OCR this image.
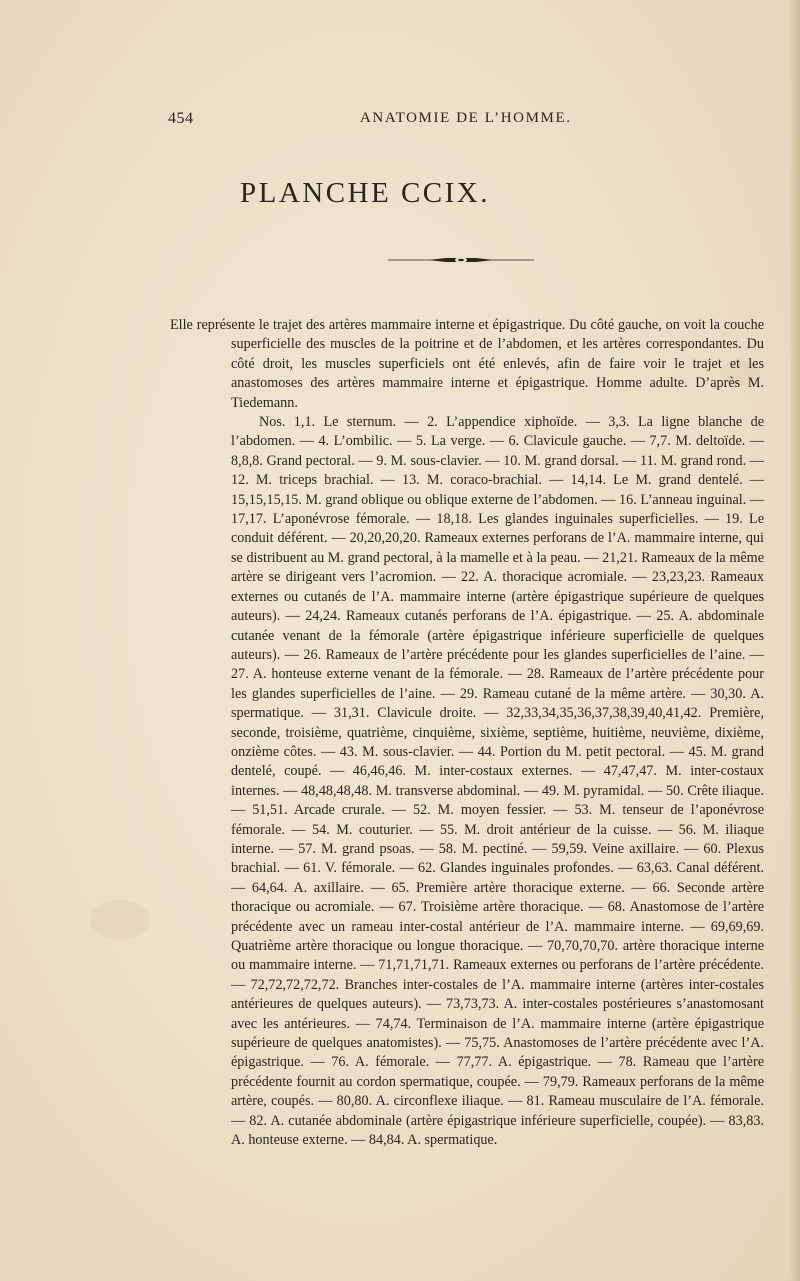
454	ANATOMIE DE L’HOMME.
PLANCHE CCIX.

Elle représente le trajet des artères mammaire interne et épigastrique. Du côté gauche, on voit la couche superficielle des muscles de la poitrine et de l’abdomen, et les artères correspondantes. Du côté droit, les muscles superficiels ont été enlevés, afin de faire voir le trajet et les anastomoses des artères mammaire interne et épigastrique. Homme adulte. D’après M. Tiedemann.

Nos. 1,1. Le sternum. — 2. L’appendice xiphoïde. — 3,3. La ligne blanche de l’abdomen. — 4. L’ombilic. — 5. La verge. — 6. Clavicule gauche. — 7,7. M. deltoïde. — 8,8,8. Grand pectoral. — 9. M. sous-clavier. — 10. M. grand dorsal. — 11. M. grand rond. — 12. M. triceps brachial. — 13. M. coraco-brachial. — 14,14. Le M. grand dentelé. — 15,15,15,15. M. grand oblique ou oblique externe de l’abdomen. — 16. L’anneau inguinal. — 17,17. L’aponévrose fémorale. — 18,18. Les glandes inguinales superficielles. — 19. Le conduit déférent. — 20,20,20,20. Rameaux externes perforans de l’A. mammaire interne, qui se distribuent au M. grand pectoral, à la mamelle et à la peau. — 21,21. Rameaux de la même artère se dirigeant vers l’acromion. — 22. A. thoracique acromiale. — 23,23,23. Rameaux externes ou cutanés de l’A. mammaire interne (artère épigastrique supérieure de quelques auteurs). — 24,24. Rameaux cutanés perforans de l’A. épigastrique. — 25. A. abdominale cutanée venant de la fémorale (artère épigastrique inférieure superficielle de quelques auteurs). — 26. Rameaux de l’artère précédente pour les glandes superficielles de l’aine. — 27. A. honteuse externe venant de la fémorale. — 28. Rameaux de l’artère précédente pour les glandes superficielles de l’aine. — 29. Rameau cutané de la même artère. — 30,30. A. spermatique. — 31,31. Clavicule droite. — 32,33,34,35,36,37,38,39,40,41,42. Première, seconde, troisième, quatrième, cinquième, sixième, septième, huitième, neuvième, dixième, onzième côtes. — 43. M. sous-clavier. — 44. Portion du M. petit pectoral. — 45. M. grand dentelé, coupé. — 46,46,46. M. inter-costaux externes. — 47,47,47. M. inter-costaux internes. — 48,48,48,48. M. transverse abdominal. — 49. M. pyramidal. — 50. Crête iliaque. — 51,51. Arcade crurale. — 52. M. moyen fessier. — 53. M. tenseur de l’aponévrose fémorale. — 54. M. couturier. — 55. M. droit antérieur de la cuisse. — 56. M. iliaque interne. — 57. M. grand psoas. — 58. M. pectiné. — 59,59. Veine axillaire. — 60. Plexus brachial. — 61. V. fémorale. — 62. Glandes inguinales profondes. — 63,63. Canal déférent. — 64,64. A. axillaire. — 65. Première artère thoracique externe. — 66. Seconde artère thoracique ou acromiale. — 67. Troisième artère thoracique. — 68. Anastomose de l’artère précédente avec un rameau inter-costal antérieur de l’A. mammaire interne. — 69,69,69. Quatrième artère thoracique ou longue thoracique. — 70,70,70,70. artère thoracique interne ou mammaire interne. — 71,71,71,71. Rameaux externes ou perforans de l’artère précédente. — 72,72,72,72,72. Branches inter-costales de l’A. mammaire interne (artères inter-costales antérieures de quelques auteurs). — 73,73,73. A. inter-costales postérieures s’anastomosant avec les antérieures. — 74,74. Terminaison de l’A. mammaire interne (artère épigastrique supérieure de quelques anatomistes). — 75,75. Anastomoses de l’artère précédente avec l’A. épigastrique. — 76. A. fémorale. — 77,77. A. épigastrique. — 78. Rameau que l’artère précédente fournit au cordon spermatique, coupée. — 79,79. Rameaux perforans de la même artère, coupés. — 80,80. A. circonflexe iliaque. — 81. Rameau musculaire de l’A. fémorale. — 82. A. cutanée abdominale (artère épigastrique inférieure superficielle, coupée). — 83,83. A. honteuse externe. — 84,84. A. spermatique.
